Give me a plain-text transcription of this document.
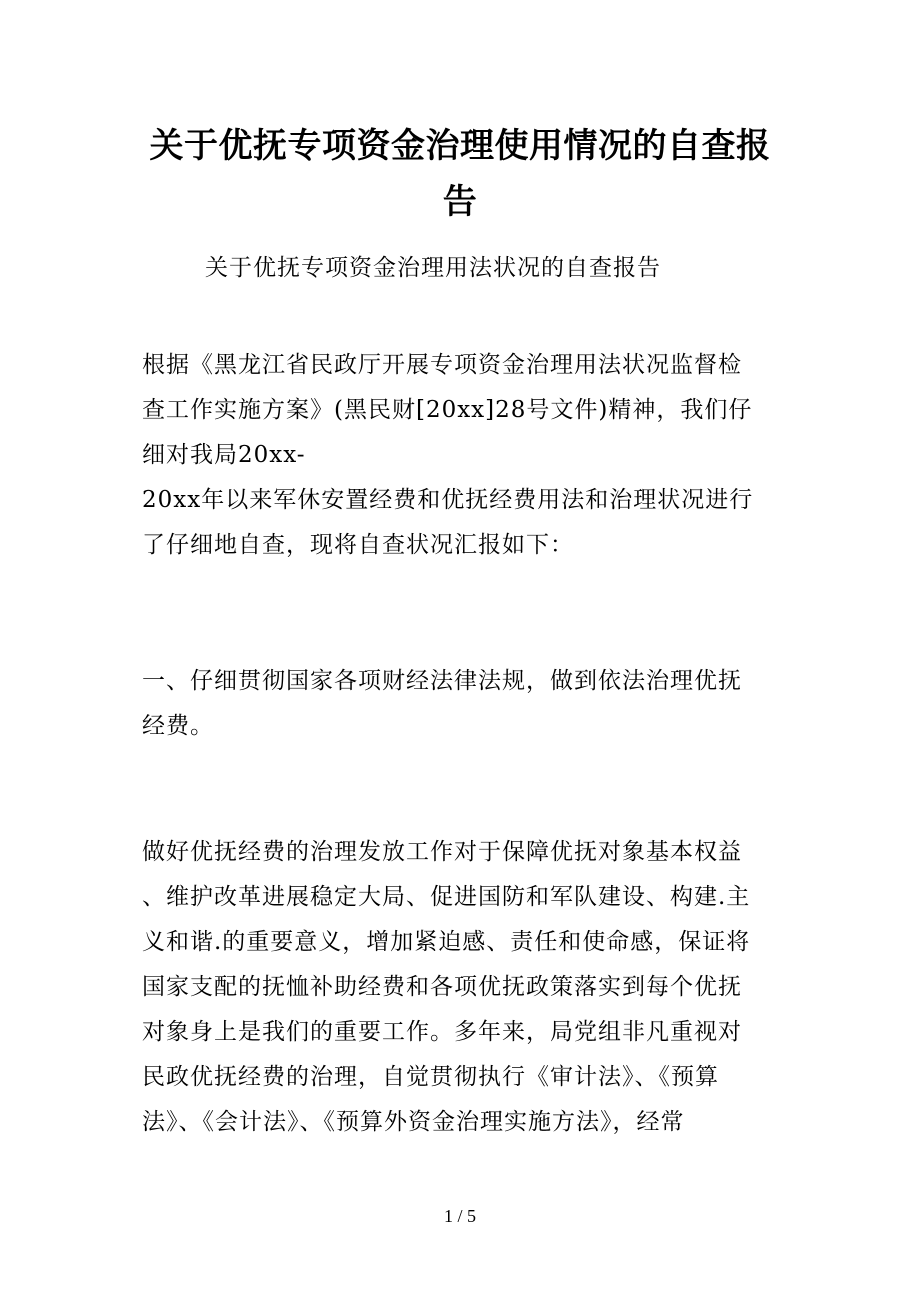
关于优抚专项资金治理使用情况的自查报
告
关于优抚专项资金治理用法状况的自查报告
根据《黑龙江省民政厅开展专项资金治理用法状况监督检
查工作实施方案》(黑民财[20xx]28号文件)精神，我们仔
细对我局20xx-
20xx年以来军休安置经费和优抚经费用法和治理状况进行
了仔细地自查，现将自查状况汇报如下：
一、仔细贯彻国家各项财经法律法规，做到依法治理优抚
经费。
做好优抚经费的治理发放工作对于保障优抚对象基本权益
、维护改革进展稳定大局、促进国防和军队建设、构建.主
义和谐.的重要意义，增加紧迫感、责任和使命感，保证将
国家支配的抚恤补助经费和各项优抚政策落实到每个优抚
对象身上是我们的重要工作。多年来，局党组非凡重视对
民政优抚经费的治理，自觉贯彻执行《审计法》、《预算
法》、《会计法》、《预算外资金治理实施方法》，经常
1 / 5
